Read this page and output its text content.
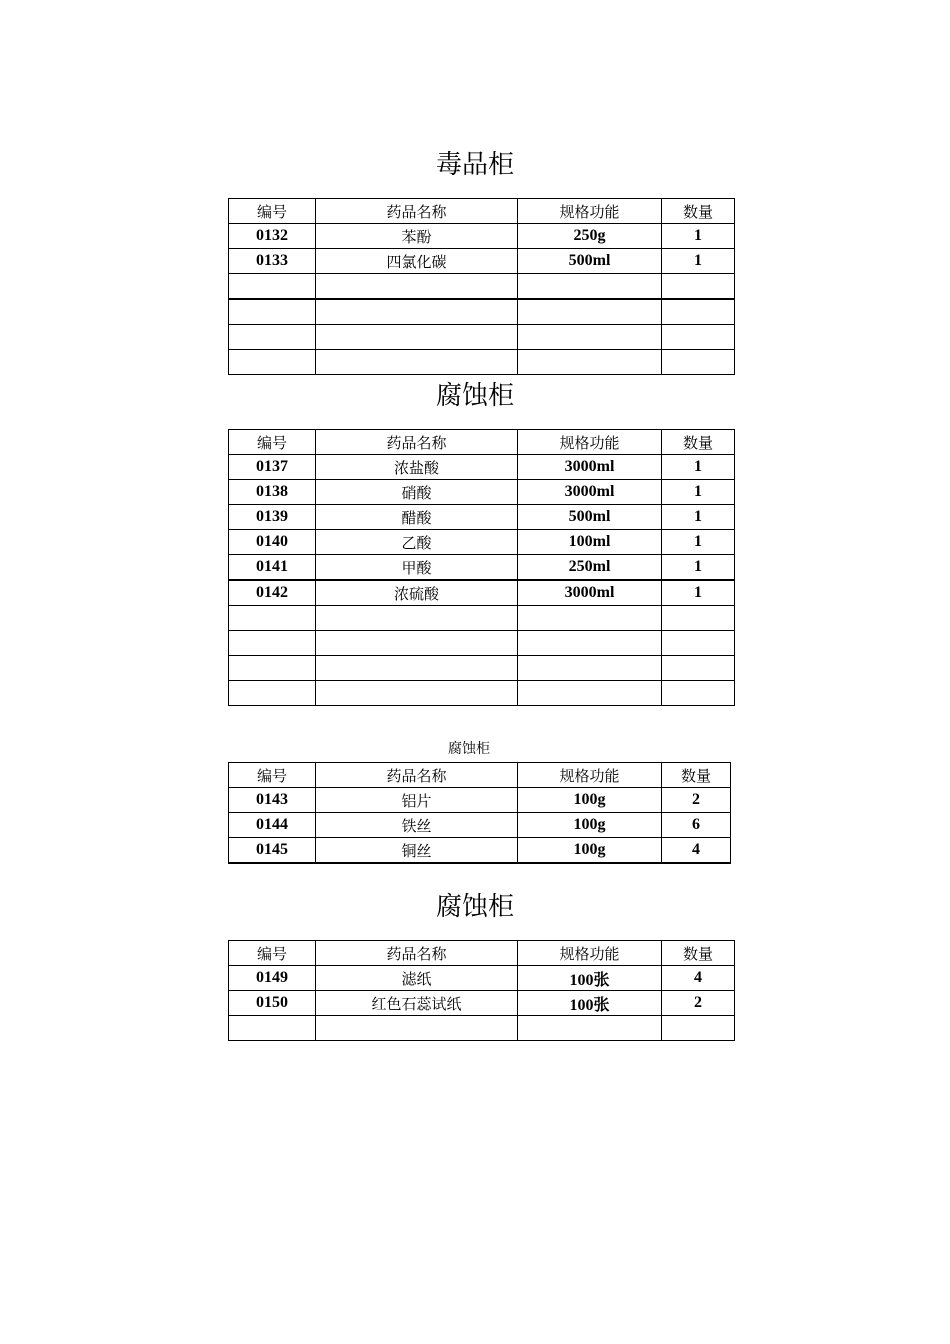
毒品柜
编号	药品名称	规格功能	数量
0132	苯酚	250g	1
0133	四氯化碳	500ml	1

腐蚀柜
编号	药品名称	规格功能	数量
0137	浓盐酸	3000ml	1
0138	硝酸	3000ml	1
0139	醋酸	500ml	1
0140	乙酸	100ml	1
0141	甲酸	250ml	1
0142	浓硫酸	3000ml	1

腐蚀柜
编号	药品名称	规格功能	数量
0143	铝片	100g	2
0144	铁丝	100g	6
0145	铜丝	100g	4
腐蚀柜
编号	药品名称	规格功能	数量
0149	滤纸	100张	4
0150	红色石蕊试纸	100张	2
